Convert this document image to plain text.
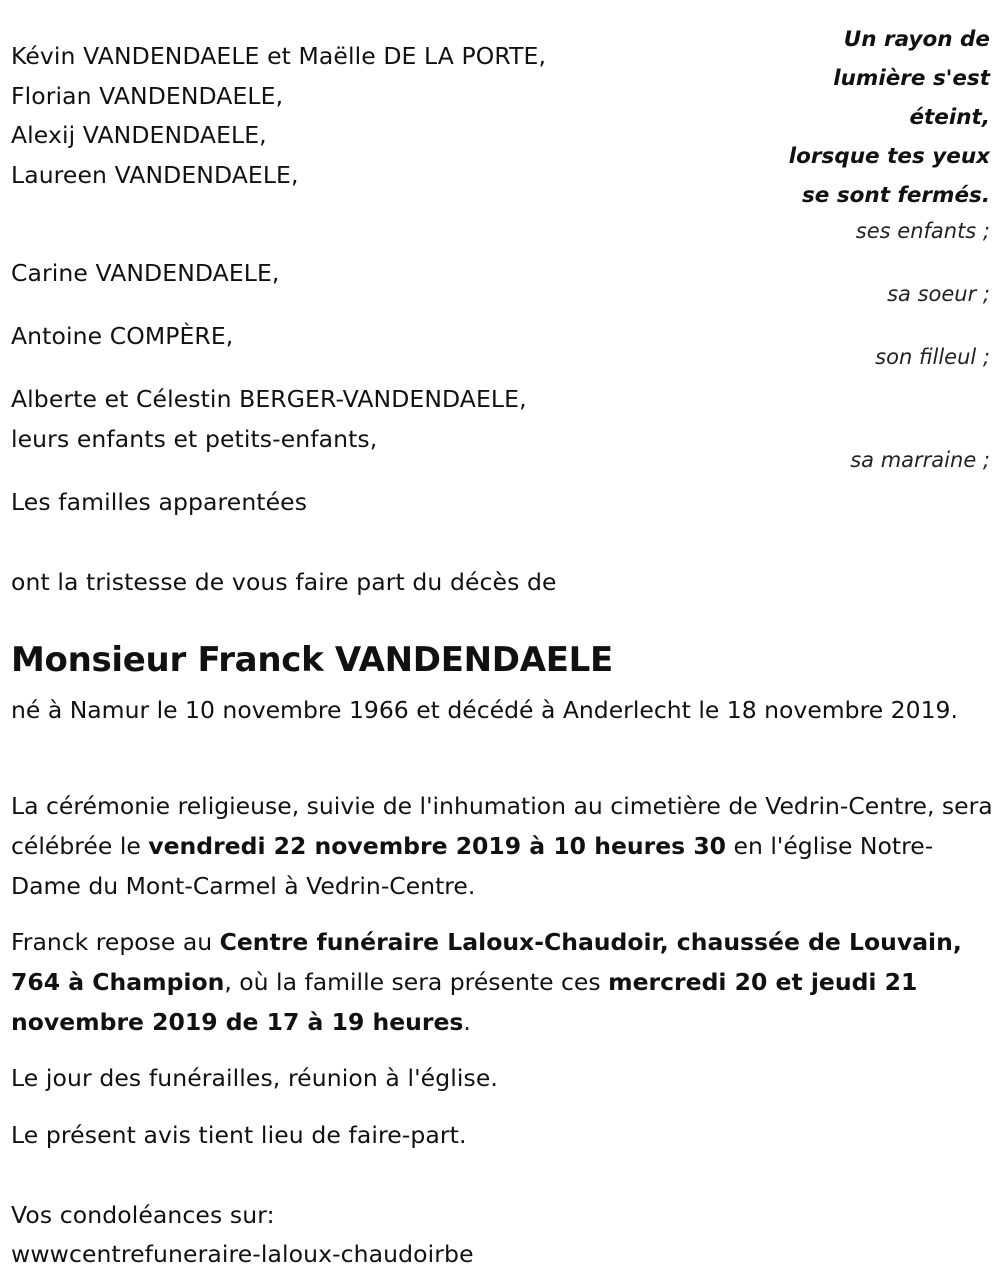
Kévin VANDENDAELE et Maëlle DE LA PORTE,
Florian VANDENDAELE,
Alexij VANDENDAELE,
Laureen VANDENDAELE,
Un rayon de
lumière s'est
éteint,
lorsque tes yeux
se sont fermés.
ses enfants ;
sa soeur ;
son filleul ;
sa marraine ;
Carine VANDENDAELE,
Antoine COMPÈRE,
Alberte et Célestin BERGER-VANDENDAELE,
leurs enfants et petits-enfants,
Les familles apparentées
ont la tristesse de vous faire part du décès de
Monsieur Franck VANDENDAELE
né à Namur le 10 novembre 1966 et décédé à Anderlecht le 18 novembre 2019.
La cérémonie religieuse, suivie de l'inhumation au cimetière de Vedrin-Centre, sera célébrée le vendredi 22 novembre 2019 à 10 heures 30 en l'église Notre-Dame du Mont-Carmel à Vedrin-Centre.
Franck repose au Centre funéraire Laloux-Chaudoir, chaussée de Louvain, 764 à Champion, où la famille sera présente ces mercredi 20 et jeudi 21 novembre 2019 de 17 à 19 heures.
Le jour des funérailles, réunion à l'église.
Le présent avis tient lieu de faire-part.
Vos condoléances sur:
wwwcentrefuneraire-laloux-chaudoirbe
